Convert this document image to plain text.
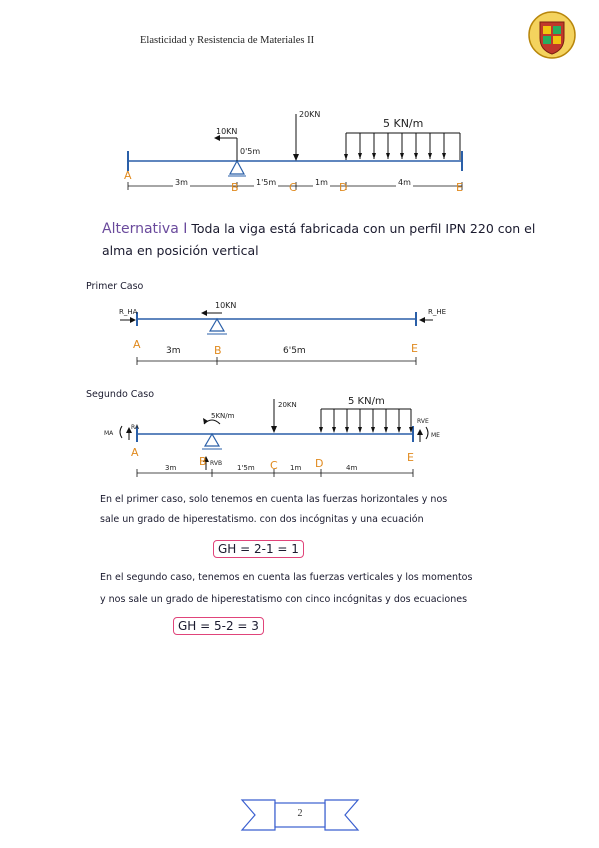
Elasticidad y Resistencia de Materiales II
10KN
0'5m
20KN
5 KN/m
A
B	C	D	E
3m	1'5m	1m	4m
Alternativa I Toda la viga está fabricada con un perfil IPN 220 con el
alma en posición vertical
Primer Caso
10KN
R_HA	R_HE
A	B	E
3m	6'5m
Segundo Caso
5KN/m
20KN	5 KN/m
RA
MA
RVB
RVE
ME
A
B	C	D	E
3m	1'5m	1m	4m
En el primer caso, solo tenemos en cuenta las fuerzas horizontales y nos
sale un grado de hiperestatismo. con dos incógnitas y una ecuación
GH = 2-1 = 1
En el segundo caso, tenemos en cuenta las fuerzas verticales y los momentos
y nos sale un grado de hiperestatismo con cinco incógnitas y dos ecuaciones
GH = 5-2 = 3
2
